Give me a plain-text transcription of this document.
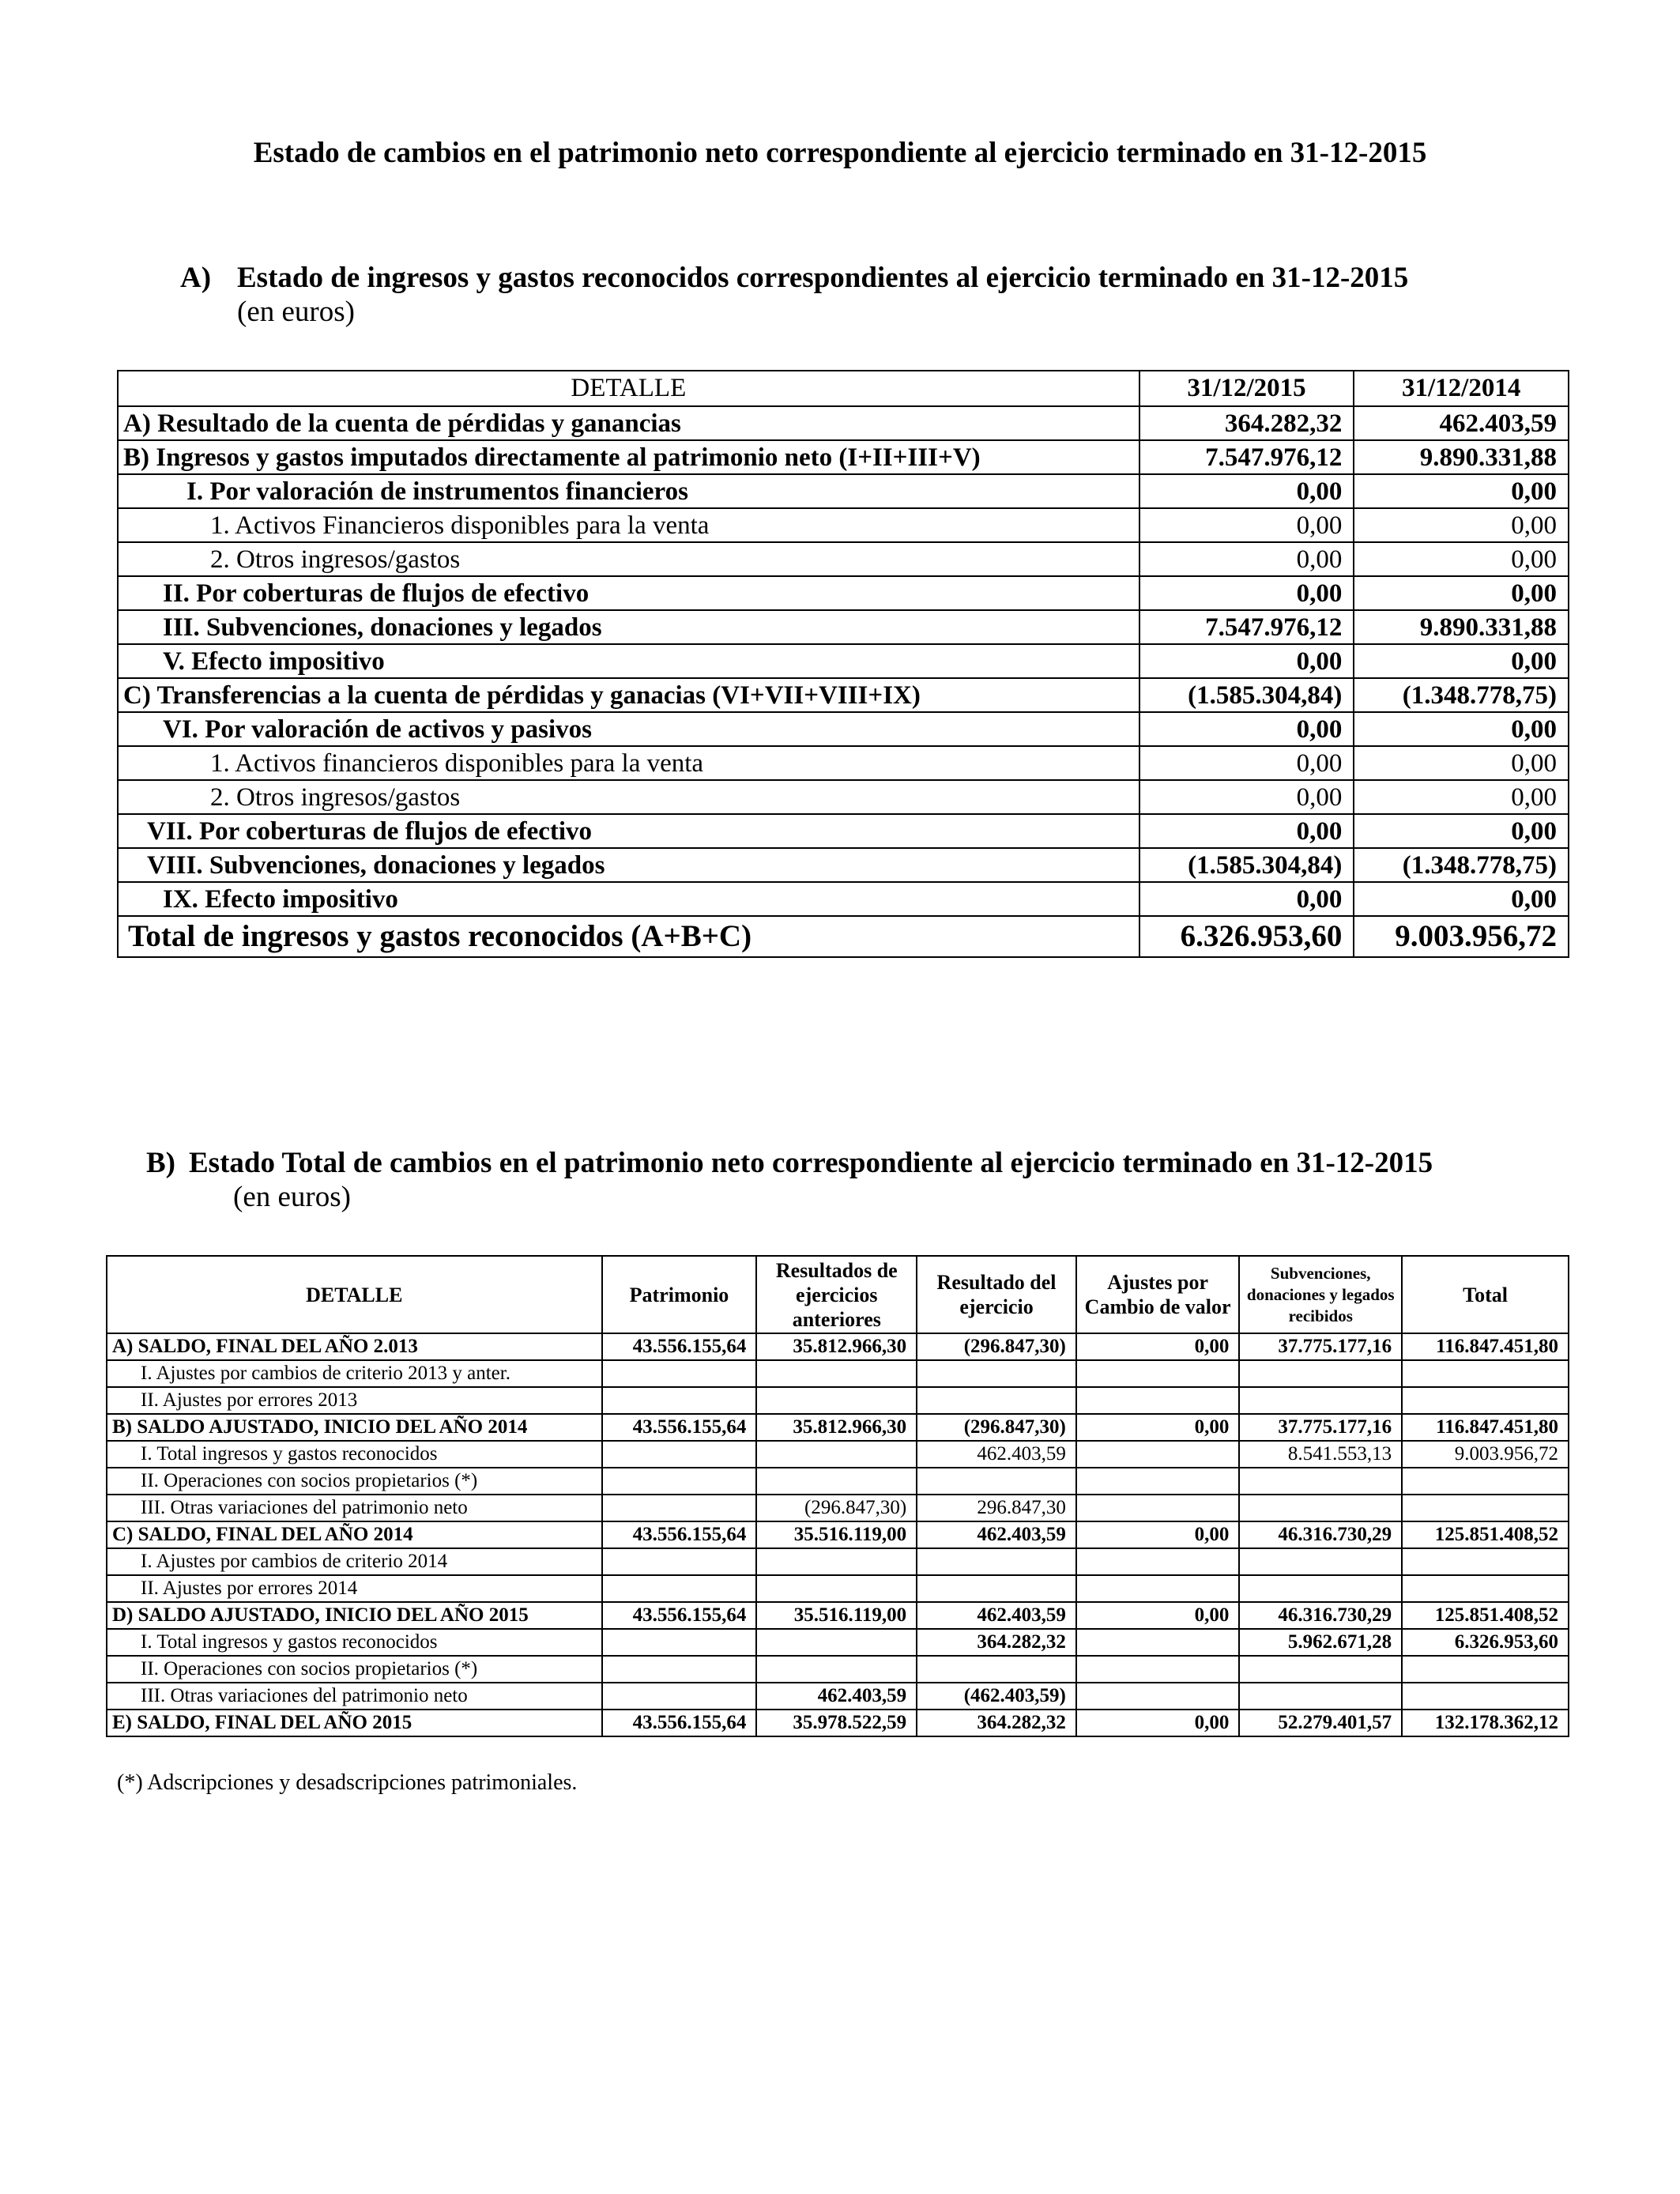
Estado de cambios en el patrimonio neto correspondiente al ejercicio terminado en 31-12-2015
A) Estado de ingresos y gastos reconocidos correspondientes al ejercicio terminado en 31-12-2015
(en euros)
DETALLE	31/12/2015	31/12/2014
A) Resultado de la cuenta de pérdidas y ganancias	364.282,32	462.403,59
B) Ingresos y gastos imputados directamente al patrimonio neto (I+II+III+V)	7.547.976,12	9.890.331,88
I. Por valoración de instrumentos financieros	0,00	0,00
1. Activos Financieros disponibles para la venta	0,00	0,00
2. Otros ingresos/gastos	0,00	0,00
II. Por coberturas de flujos de efectivo	0,00	0,00
III. Subvenciones, donaciones y legados	7.547.976,12	9.890.331,88
V. Efecto impositivo	0,00	0,00
C) Transferencias a la cuenta de pérdidas y ganacias (VI+VII+VIII+IX)	(1.585.304,84)	(1.348.778,75)
VI. Por valoración de activos y pasivos	0,00	0,00
1. Activos financieros disponibles para la venta	0,00	0,00
2. Otros ingresos/gastos	0,00	0,00
VII. Por coberturas de flujos de efectivo	0,00	0,00
VIII. Subvenciones, donaciones y legados	(1.585.304,84)	(1.348.778,75)
IX. Efecto impositivo	0,00	0,00
Total de ingresos y gastos reconocidos (A+B+C)	6.326.953,60	9.003.956,72
B) Estado Total de cambios en el patrimonio neto correspondiente al ejercicio terminado en 31-12-2015
(en euros)
DETALLE	Patrimonio	Resultados de ejercicios anteriores	Resultado del ejercicio	Ajustes por Cambio de valor	Subvenciones, donaciones y legados recibidos	Total
A) SALDO, FINAL DEL AÑO 2.013	43.556.155,64	35.812.966,30	(296.847,30)	0,00	37.775.177,16	116.847.451,80
I. Ajustes por cambios de criterio 2013 y anter.						
II. Ajustes por errores 2013						
B) SALDO AJUSTADO, INICIO DEL AÑO 2014	43.556.155,64	35.812.966,30	(296.847,30)	0,00	37.775.177,16	116.847.451,80
I. Total ingresos y gastos reconocidos			462.403,59		8.541.553,13	9.003.956,72
II. Operaciones con socios propietarios (*)						
III. Otras variaciones del patrimonio neto		(296.847,30)	296.847,30			
C) SALDO, FINAL DEL AÑO 2014	43.556.155,64	35.516.119,00	462.403,59	0,00	46.316.730,29	125.851.408,52
I. Ajustes por cambios de criterio 2014						
II. Ajustes por errores 2014						
D) SALDO AJUSTADO, INICIO DEL AÑO 2015	43.556.155,64	35.516.119,00	462.403,59	0,00	46.316.730,29	125.851.408,52
I. Total ingresos y gastos reconocidos			364.282,32		5.962.671,28	6.326.953,60
II. Operaciones con socios propietarios (*)						
III. Otras variaciones del patrimonio neto		462.403,59	(462.403,59)			
E) SALDO, FINAL DEL AÑO 2015	43.556.155,64	35.978.522,59	364.282,32	0,00	52.279.401,57	132.178.362,12
(*) Adscripciones y desadscripciones patrimoniales.
